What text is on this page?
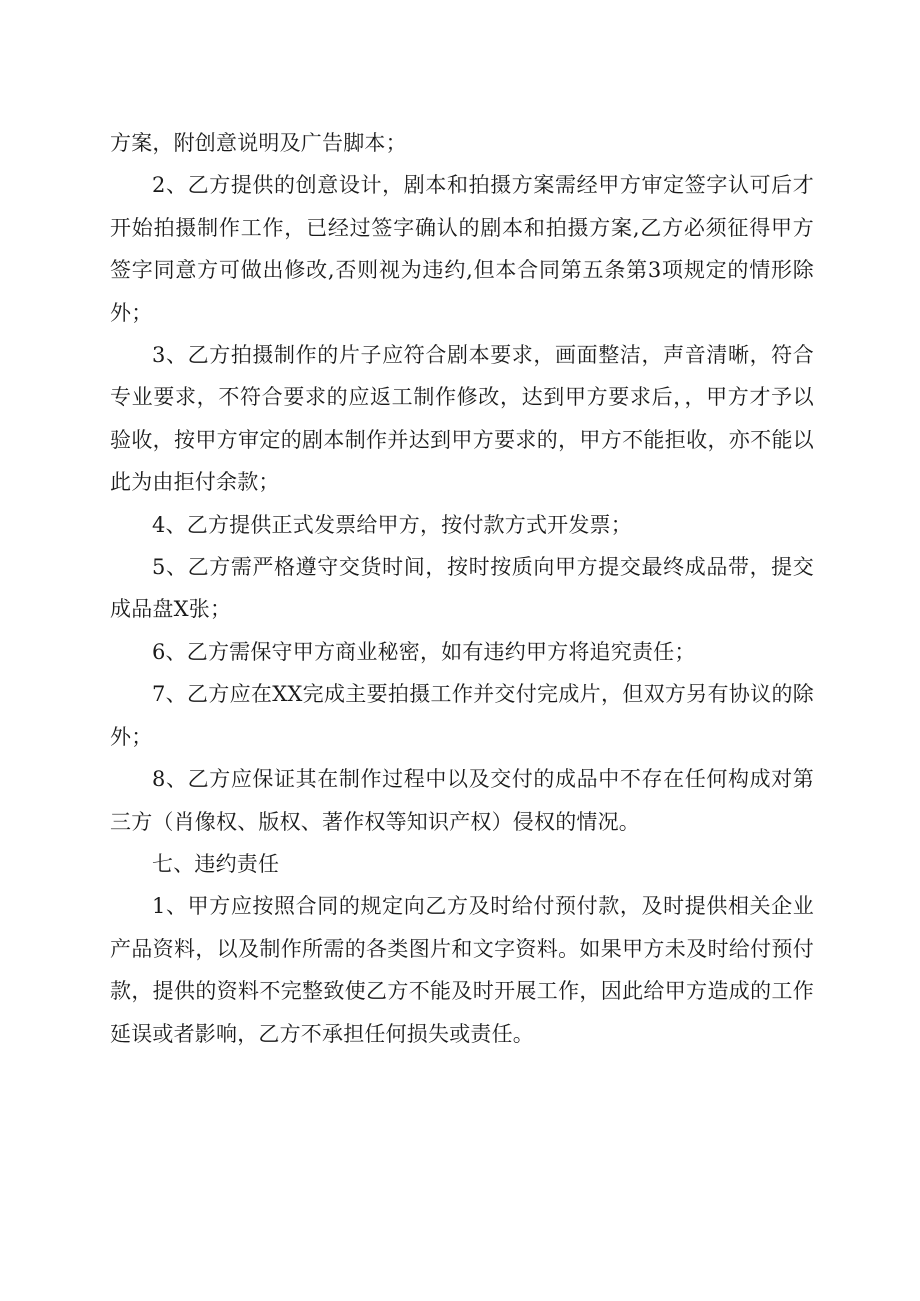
方案，附创意说明及广告脚本；

2、乙方提供的创意设计，剧本和拍摄方案需经甲方审定签字认可后才开始拍摄制作工作，已经过签字确认的剧本和拍摄方案,乙方必须征得甲方签字同意方可做出修改,否则视为违约,但本合同第五条第3项规定的情形除外；

3、乙方拍摄制作的片子应符合剧本要求，画面整洁，声音清晰，符合专业要求，不符合要求的应返工制作修改，达到甲方要求后，，甲方才予以验收，按甲方审定的剧本制作并达到甲方要求的，甲方不能拒收，亦不能以此为由拒付余款；

4、乙方提供正式发票给甲方，按付款方式开发票；

5、乙方需严格遵守交货时间，按时按质向甲方提交最终成品带，提交成品盘X张；

6、乙方需保守甲方商业秘密，如有违约甲方将追究责任；

7、乙方应在XX完成主要拍摄工作并交付完成片，但双方另有协议的除外；

8、乙方应保证其在制作过程中以及交付的成品中不存在任何构成对第三方（肖像权、版权、著作权等知识产权）侵权的情况。

七、违约责任

1、甲方应按照合同的规定向乙方及时给付预付款，及时提供相关企业产品资料，以及制作所需的各类图片和文字资料。如果甲方未及时给付预付款，提供的资料不完整致使乙方不能及时开展工作，因此给甲方造成的工作延误或者影响，乙方不承担任何损失或责任。
